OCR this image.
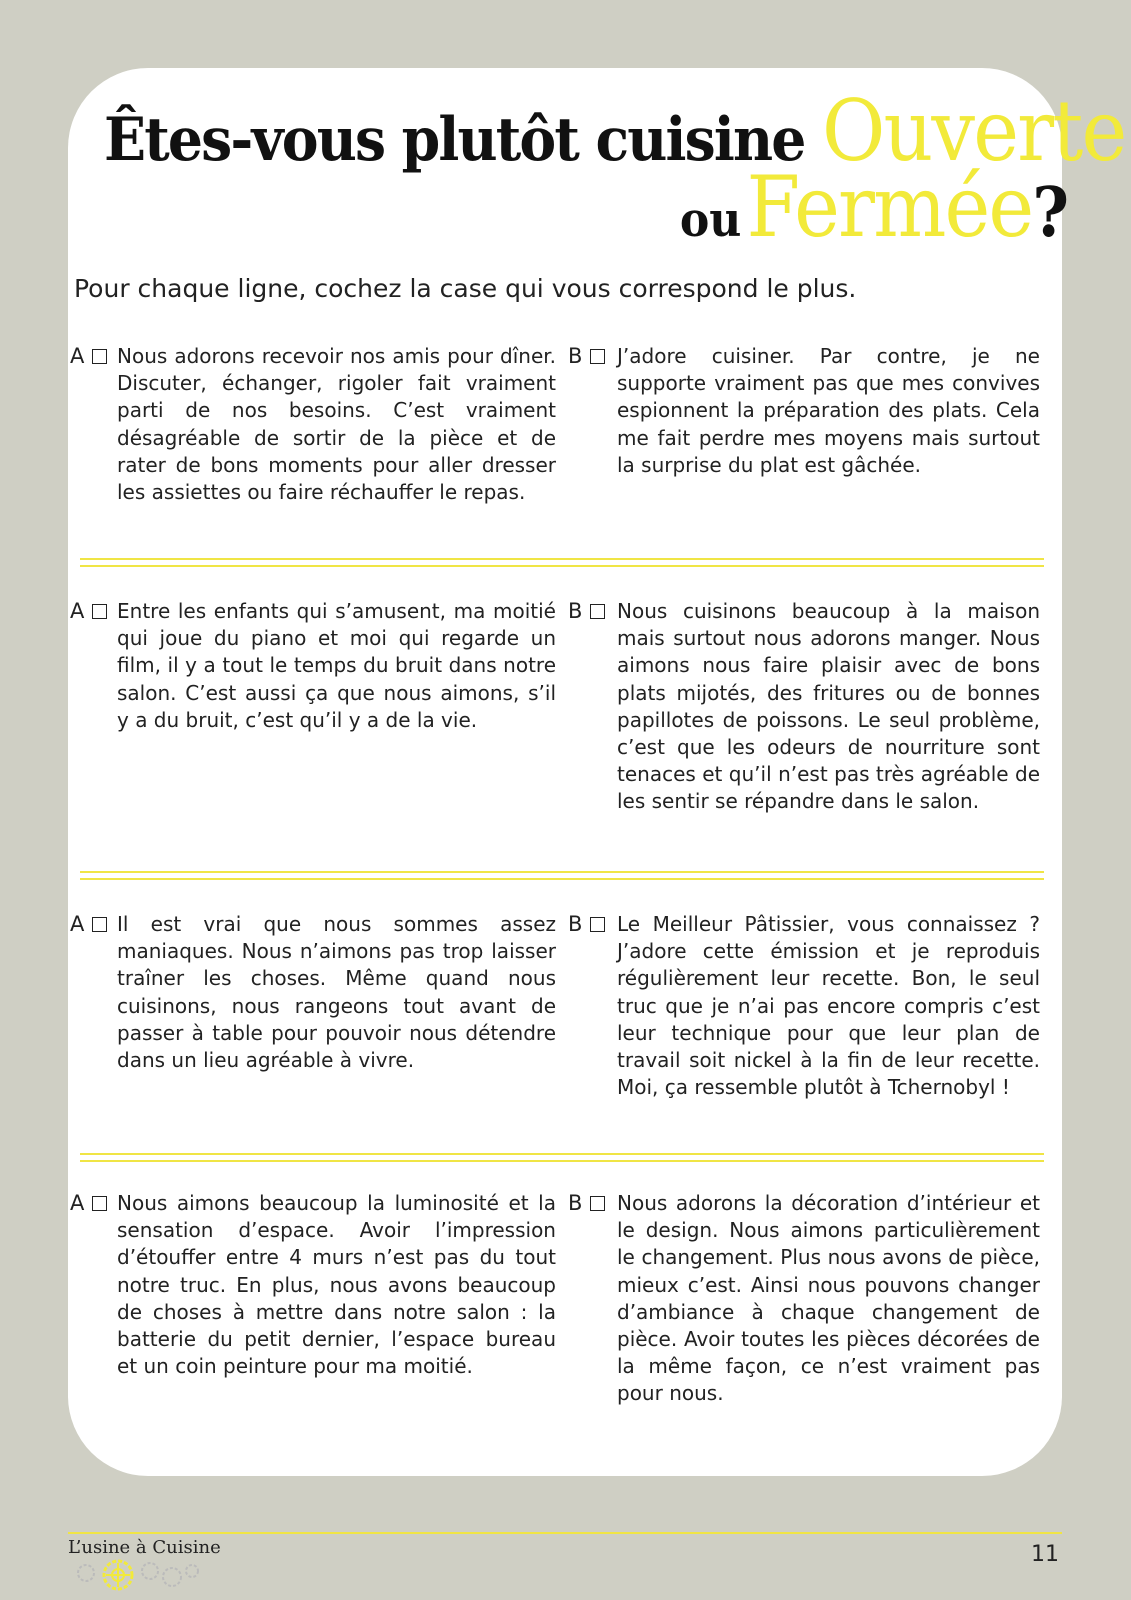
Êtes-vous plutôt cuisine Ouverte
ou Fermée?
Pour chaque ligne, cochez la case qui vous correspond le plus.
A Nous adorons recevoir nos amis pour dîner. Discuter, échanger, rigoler fait vraiment parti de nos besoins. C’est vraiment désagréable de sortir de la pièce et de rater de bons moments pour aller dresser les assiettes ou faire réchauffer le repas.
B J’adore cuisiner. Par contre, je ne supporte vraiment pas que mes convives espionnent la préparation des plats. Cela me fait perdre mes moyens mais surtout la surprise du plat est gâchée.
A Entre les enfants qui s’amusent, ma moitié qui joue du piano et moi qui regarde un film, il y a tout le temps du bruit dans notre salon. C’est aussi ça que nous aimons, s’il y a du bruit, c’est qu’il y a de la vie.
B Nous cuisinons beaucoup à la maison mais surtout nous adorons manger. Nous aimons nous faire plaisir avec de bons plats mijotés, des fritures ou de bonnes papillotes de poissons. Le seul problème, c’est que les odeurs de nourriture sont tenaces et qu’il n’est pas très agréable de les sentir se répandre dans le salon.
A Il est vrai que nous sommes assez maniaques. Nous n’aimons pas trop laisser traîner les choses. Même quand nous cuisinons, nous rangeons tout avant de passer à table pour pouvoir nous détendre dans un lieu agréable à vivre.
B Le Meilleur Pâtissier, vous connaissez ? J’adore cette émission et je reproduis régulièrement leur recette. Bon, le seul truc que je n’ai pas encore compris c’est leur technique pour que leur plan de travail soit nickel à la fin de leur recette. Moi, ça ressemble plutôt à Tchernobyl !
A Nous aimons beaucoup la luminosité et la sensation d’espace. Avoir l’impression d’étouffer entre 4 murs n’est pas du tout notre truc. En plus, nous avons beaucoup de choses à mettre dans notre salon : la batterie du petit dernier, l’espace bureau et un coin peinture pour ma moitié.
B Nous adorons la décoration d’intérieur et le design. Nous aimons particulièrement le changement. Plus nous avons de pièce, mieux c’est. Ainsi nous pouvons changer d’ambiance à chaque changement de pièce. Avoir toutes les pièces décorées de la même façon, ce n’est vraiment pas pour nous.
L’usine à Cuisine	11
